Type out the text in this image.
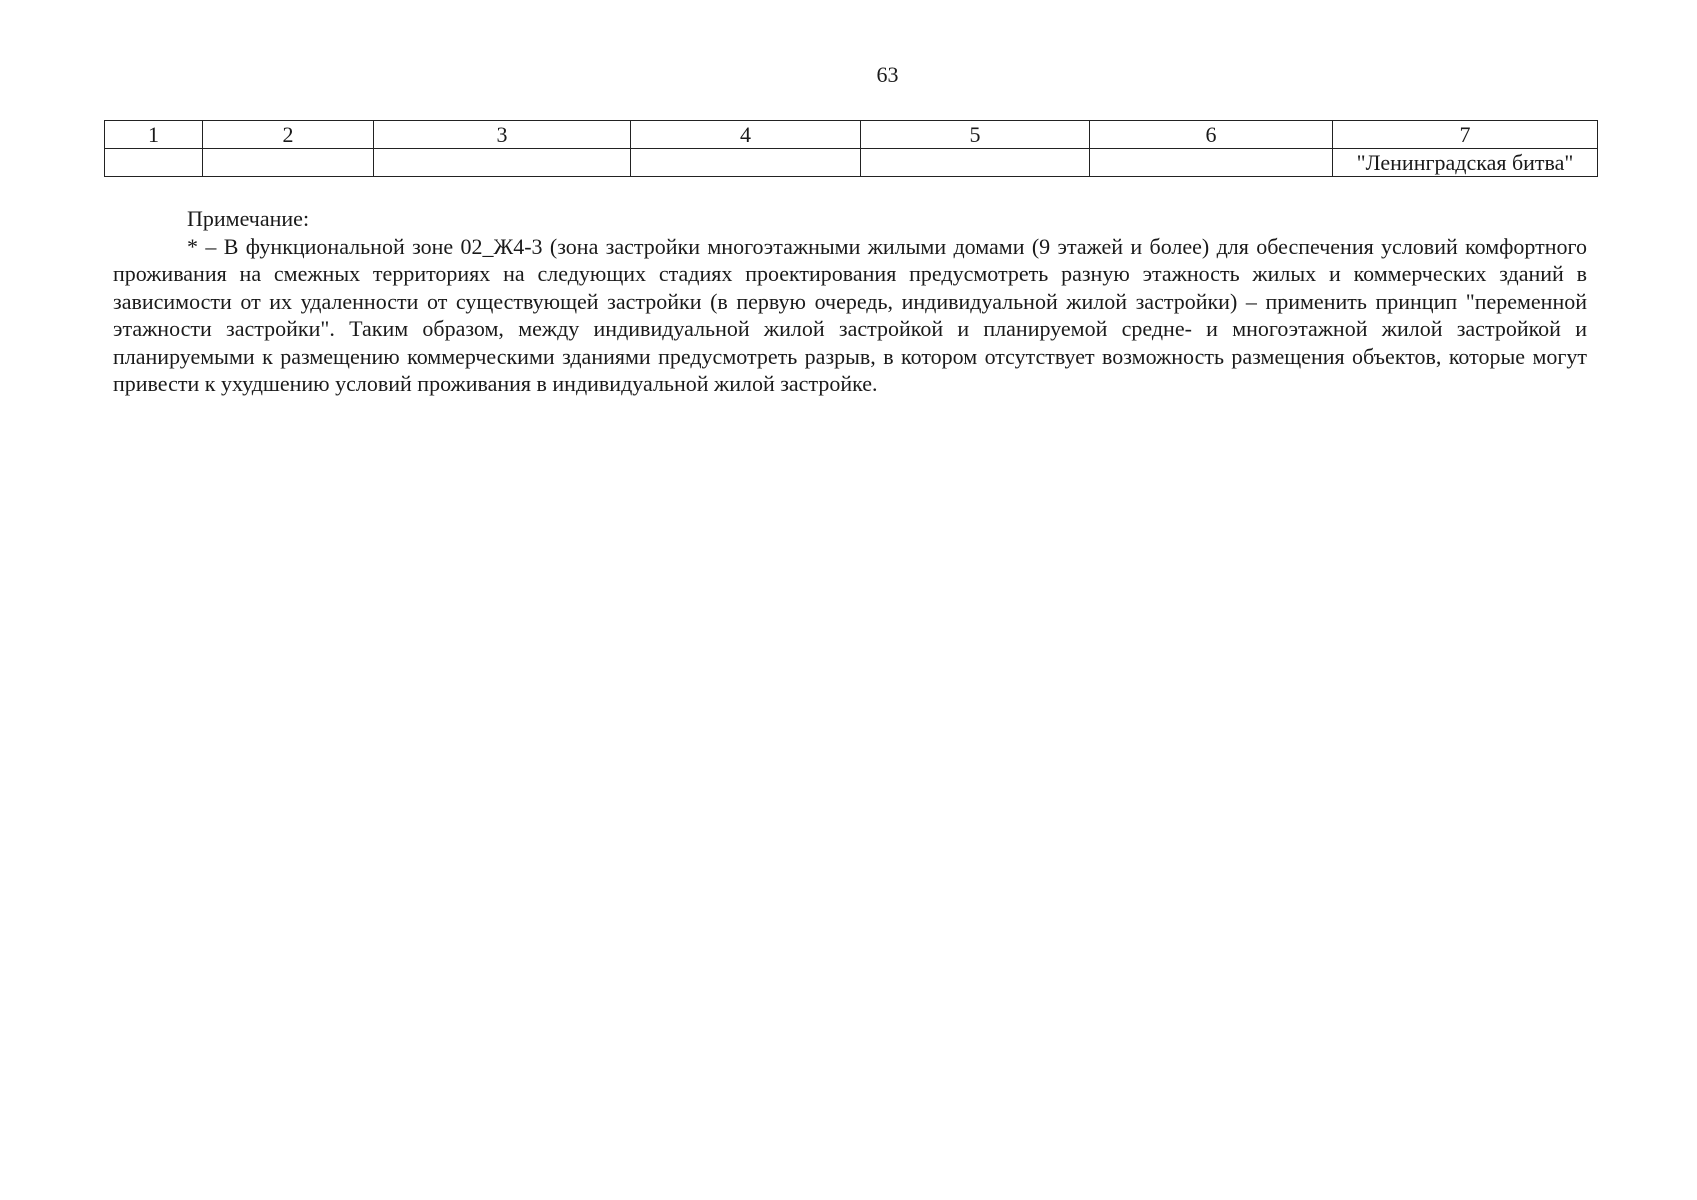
63
1	2	3	4	5	6	7
						"Ленинградская битва"
Примечание:
* – В функциональной зоне 02_Ж4-3 (зона застройки многоэтажными жилыми домами (9 этажей и более) для обеспечения условий комфортного проживания на смежных территориях на следующих стадиях проектирования предусмотреть разную этажность жилых и коммерческих зданий в зависимости от их удаленности от существующей застройки (в первую очередь, индивидуальной жилой застройки) – применить принцип "переменной этажности застройки". Таким образом, между индивидуальной жилой застройкой и планируемой средне- и многоэтажной жилой застройкой и планируемыми к размещению коммерческими зданиями предусмотреть разрыв, в котором отсутствует возможность размещения объектов, которые могут привести к ухудшению условий проживания в индивидуальной жилой застройке.
